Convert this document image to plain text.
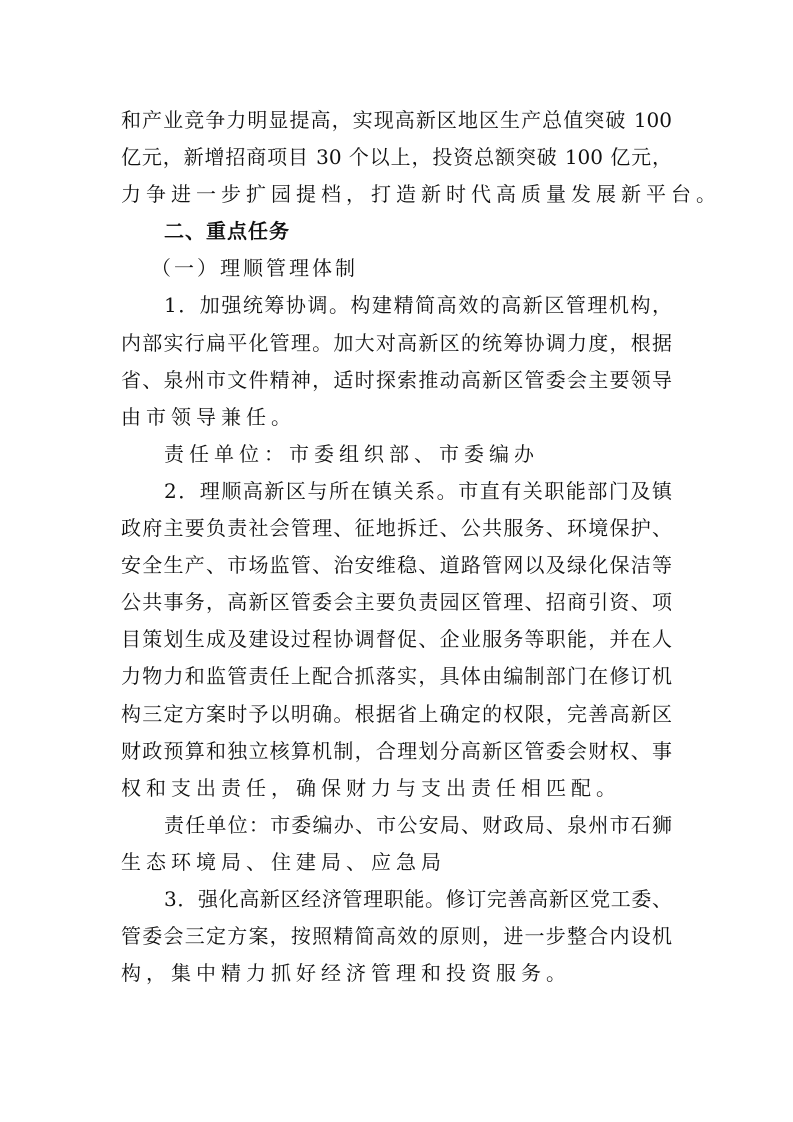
和产业竞争力明显提高，实现高新区地区生产总值突破 100
亿元，新增招商项目 30 个以上，投资总额突破 100 亿元，
力争进一步扩园提档，打造新时代高质量发展新平台。
二、重点任务
（一）理顺管理体制
1．加强统筹协调。构建精简高效的高新区管理机构，
内部实行扁平化管理。加大对高新区的统筹协调力度，根据
省、泉州市文件精神，适时探索推动高新区管委会主要领导
由市领导兼任。
责任单位：市委组织部、市委编办
2．理顺高新区与所在镇关系。市直有关职能部门及镇
政府主要负责社会管理、征地拆迁、公共服务、环境保护、
安全生产、市场监管、治安维稳、道路管网以及绿化保洁等
公共事务，高新区管委会主要负责园区管理、招商引资、项
目策划生成及建设过程协调督促、企业服务等职能，并在人
力物力和监管责任上配合抓落实，具体由编制部门在修订机
构三定方案时予以明确。根据省上确定的权限，完善高新区
财政预算和独立核算机制，合理划分高新区管委会财权、事
权和支出责任，确保财力与支出责任相匹配。
责任单位：市委编办、市公安局、财政局、泉州市石狮
生态环境局、住建局、应急局
3．强化高新区经济管理职能。修订完善高新区党工委、
管委会三定方案，按照精简高效的原则，进一步整合内设机
构，集中精力抓好经济管理和投资服务。
